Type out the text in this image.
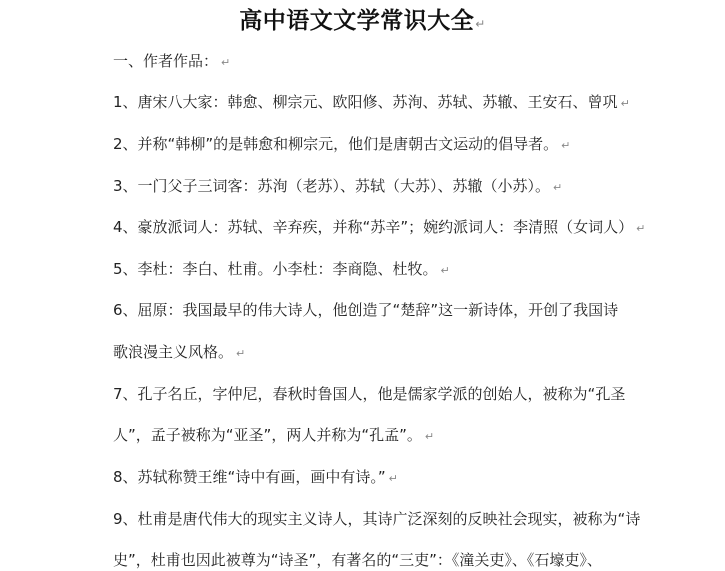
高中语文文学常识大全↵
一、作者作品： ↵
1、唐宋八大家：韩愈、柳宗元、欧阳修、苏洵、苏轼、苏辙、王安石、曾巩 ↵
2、并称“韩柳”的是韩愈和柳宗元，他们是唐朝古文运动的倡导者。 ↵
3、一门父子三词客：苏洵（老苏）、苏轼（大苏）、苏辙（小苏）。 ↵
4、豪放派词人：苏轼、辛弃疾，并称“苏辛”；婉约派词人：李清照（女词人） ↵
5、李杜：李白、杜甫。小李杜：李商隐、杜牧。 ↵
6、屈原：我国最早的伟大诗人，他创造了“楚辞”这一新诗体，开创了我国诗
歌浪漫主义风格。 ↵
7、孔子名丘，字仲尼，春秋时鲁国人，他是儒家学派的创始人，被称为“孔圣
人”，孟子被称为“亚圣”，两人并称为“孔孟”。 ↵
8、苏轼称赞王维“诗中有画，画中有诗。” ↵
9、杜甫是唐代伟大的现实主义诗人，其诗广泛深刻的反映社会现实，被称为“诗
史”，杜甫也因此被尊为“诗圣”，有著名的“三吏”：《潼关吏》、《石壕吏》、
